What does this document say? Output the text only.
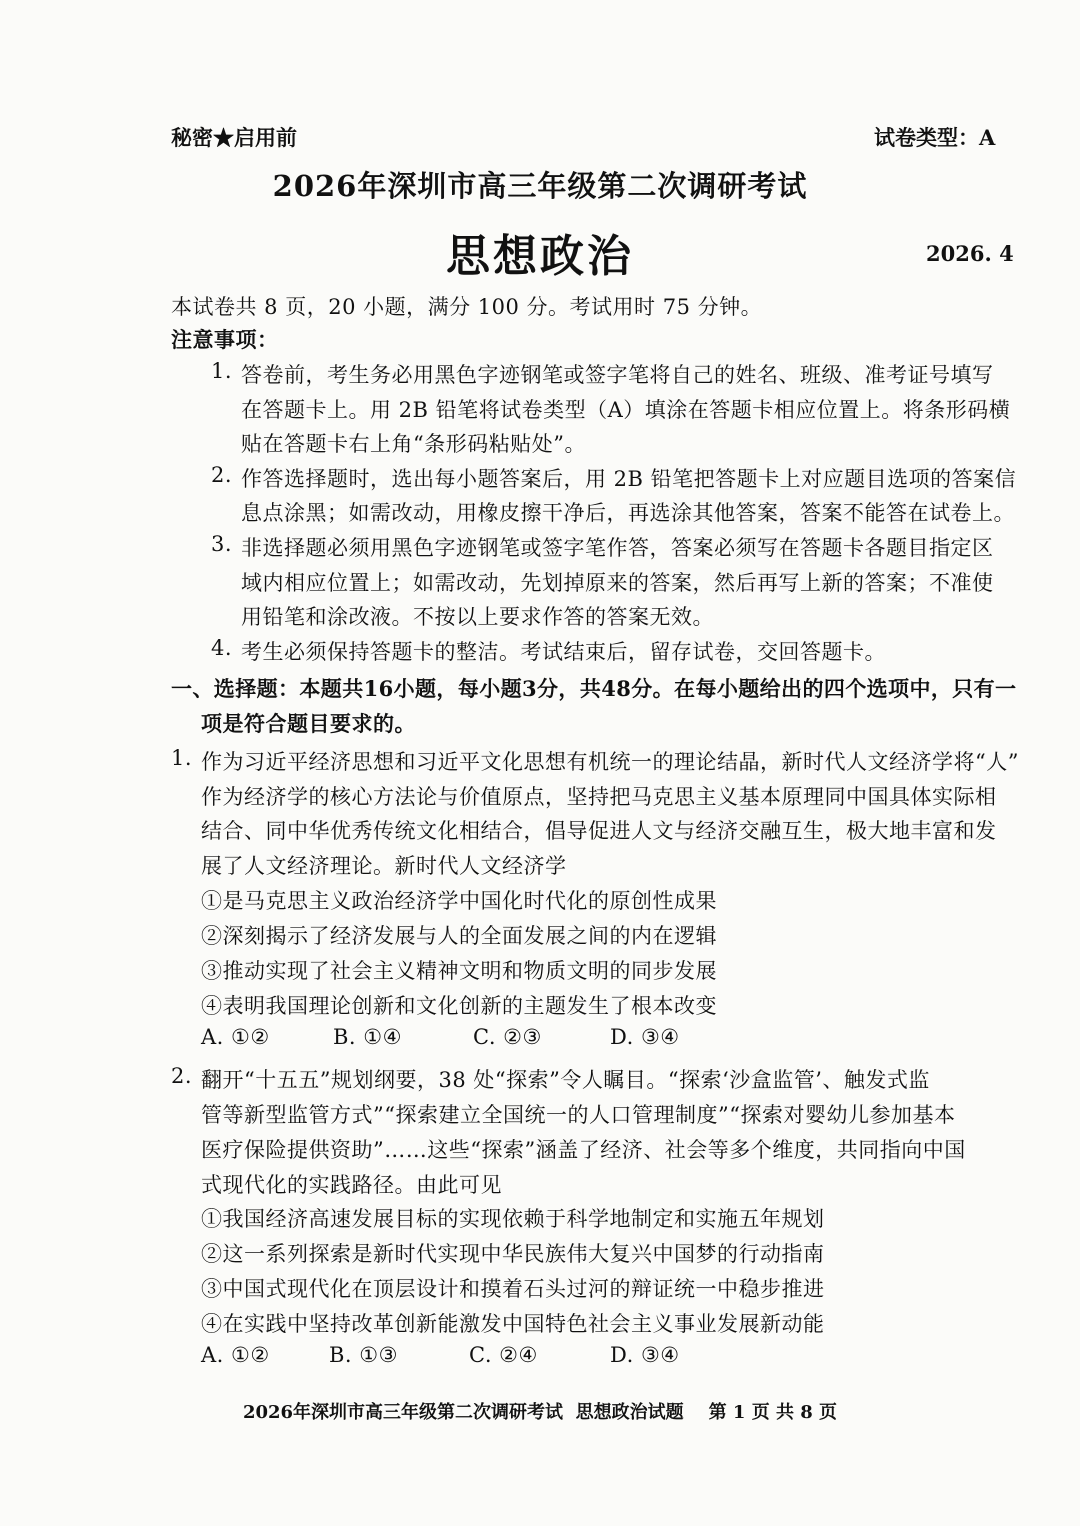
秘密★启用前	试卷类型：A
2026年深圳市高三年级第二次调研考试
思想政治	2026. 4
本试卷共 8 页，20 小题，满分 100 分。考试用时 75 分钟。
注意事项：
1. 答卷前，考生务必用黑色字迹钢笔或签字笔将自己的姓名、班级、准考证号填写
在答题卡上。用 2B 铅笔将试卷类型（A）填涂在答题卡相应位置上。将条形码横
贴在答题卡右上角“条形码粘贴处”。
2. 作答选择题时，选出每小题答案后，用 2B 铅笔把答题卡上对应题目选项的答案信
息点涂黑；如需改动，用橡皮擦干净后，再选涂其他答案，答案不能答在试卷上。
3. 非选择题必须用黑色字迹钢笔或签字笔作答，答案必须写在答题卡各题目指定区
域内相应位置上；如需改动，先划掉原来的答案，然后再写上新的答案；不准使
用铅笔和涂改液。不按以上要求作答的答案无效。
4. 考生必须保持答题卡的整洁。考试结束后，留存试卷，交回答题卡。
一、选择题：本题共16小题，每小题3分，共48分。在每小题给出的四个选项中，只有一
项是符合题目要求的。
1. 作为习近平经济思想和习近平文化思想有机统一的理论结晶，新时代人文经济学将“人”
作为经济学的核心方法论与价值原点，坚持把马克思主义基本原理同中国具体实际相
结合、同中华优秀传统文化相结合，倡导促进人文与经济交融互生，极大地丰富和发
展了人文经济理论。新时代人文经济学
①是马克思主义政治经济学中国化时代化的原创性成果
②深刻揭示了经济发展与人的全面发展之间的内在逻辑
③推动实现了社会主义精神文明和物质文明的同步发展
④表明我国理论创新和文化创新的主题发生了根本改变
A. ①②	B. ①④	C. ②③	D. ③④
2. 翻开“十五五”规划纲要，38 处“探索”令人瞩目。“探索‘沙盒监管’、触发式监
管等新型监管方式”“探索建立全国统一的人口管理制度”“探索对婴幼儿参加基本
医疗保险提供资助”……这些“探索”涵盖了经济、社会等多个维度，共同指向中国
式现代化的实践路径。由此可见
①我国经济高速发展目标的实现依赖于科学地制定和实施五年规划
②这一系列探索是新时代实现中华民族伟大复兴中国梦的行动指南
③中国式现代化在顶层设计和摸着石头过河的辩证统一中稳步推进
④在实践中坚持改革创新能激发中国特色社会主义事业发展新动能
A. ①②	B. ①③	C. ②④	D. ③④
2026年深圳市高三年级第二次调研考试  思想政治试题    第 1 页 共 8 页
